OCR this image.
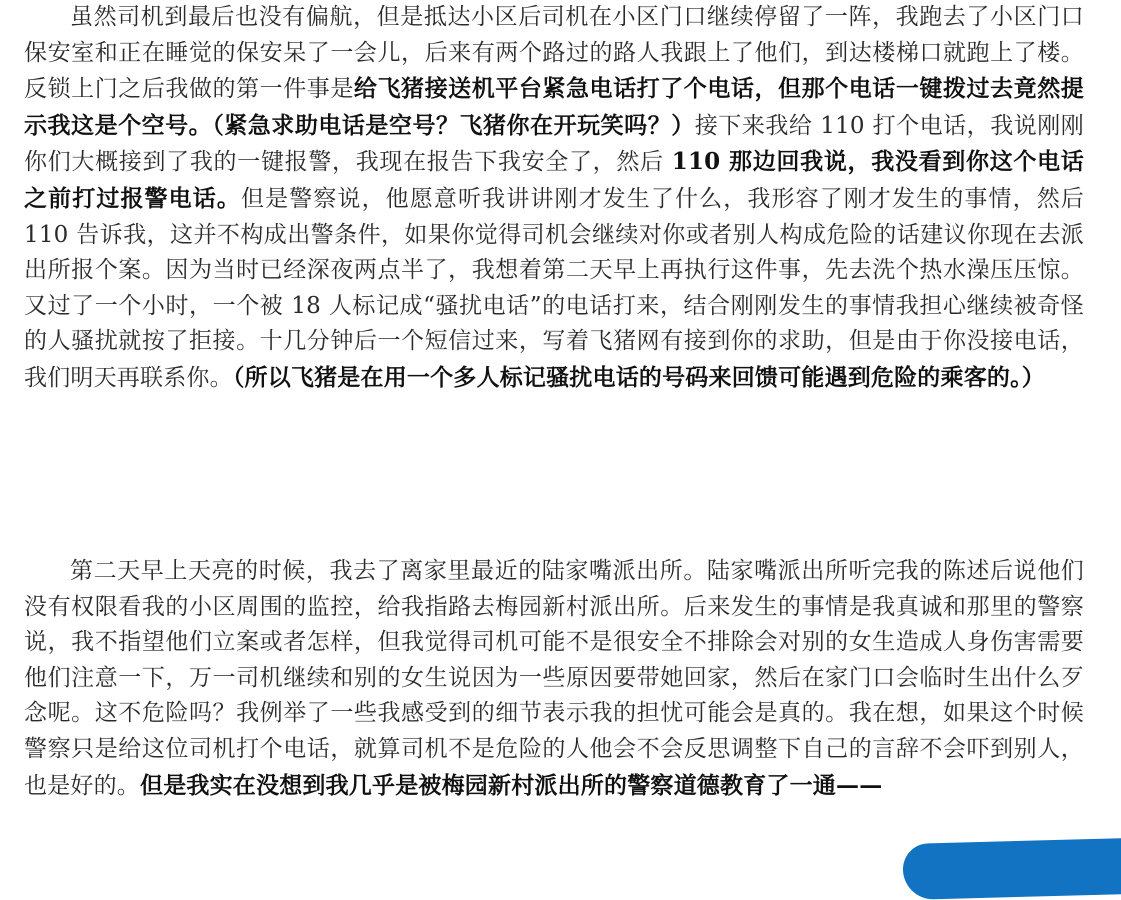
虽然司机到最后也没有偏航，但是抵达小区后司机在小区门口继续停留了一阵，我跑去了小区门口保安室和正在睡觉的保安呆了一会儿，后来有两个路过的路人我跟上了他们，到达楼梯口就跑上了楼。反锁上门之后我做的第一件事是给飞猪接送机平台紧急电话打了个电话，但那个电话一键拨过去竟然提示我这是个空号。（紧急求助电话是空号？飞猪你在开玩笑吗？）接下来我给 110 打个电话，我说刚刚你们大概接到了我的一键报警，我现在报告下我安全了，然后 110 那边回我说，我没看到你这个电话之前打过报警电话。但是警察说，他愿意听我讲讲刚才发生了什么，我形容了刚才发生的事情，然后 110 告诉我，这并不构成出警条件，如果你觉得司机会继续对你或者别人构成危险的话建议你现在去派出所报个案。因为当时已经深夜两点半了，我想着第二天早上再执行这件事，先去洗个热水澡压压惊。又过了一个小时，一个被 18 人标记成“骚扰电话”的电话打来，结合刚刚发生的事情我担心继续被奇怪的人骚扰就按了拒接。十几分钟后一个短信过来，写着飞猪网有接到你的求助，但是由于你没接电话，我们明天再联系你。（所以飞猪是在用一个多人标记骚扰电话的号码来回馈可能遇到危险的乘客的。）

第二天早上天亮的时候，我去了离家里最近的陆家嘴派出所。陆家嘴派出所听完我的陈述后说他们没有权限看我的小区周围的监控，给我指路去梅园新村派出所。后来发生的事情是我真诚和那里的警察说，我不指望他们立案或者怎样，但我觉得司机可能不是很安全不排除会对别的女生造成人身伤害需要他们注意一下，万一司机继续和别的女生说因为一些原因要带她回家，然后在家门口会临时生出什么歹念呢。这不危险吗？我例举了一些我感受到的细节表示我的担忧可能会是真的。我在想，如果这个时候警察只是给这位司机打个电话，就算司机不是危险的人他会不会反思调整下自己的言辞不会吓到别人，也是好的。但是我实在没想到我几乎是被梅园新村派出所的警察道德教育了一通——
